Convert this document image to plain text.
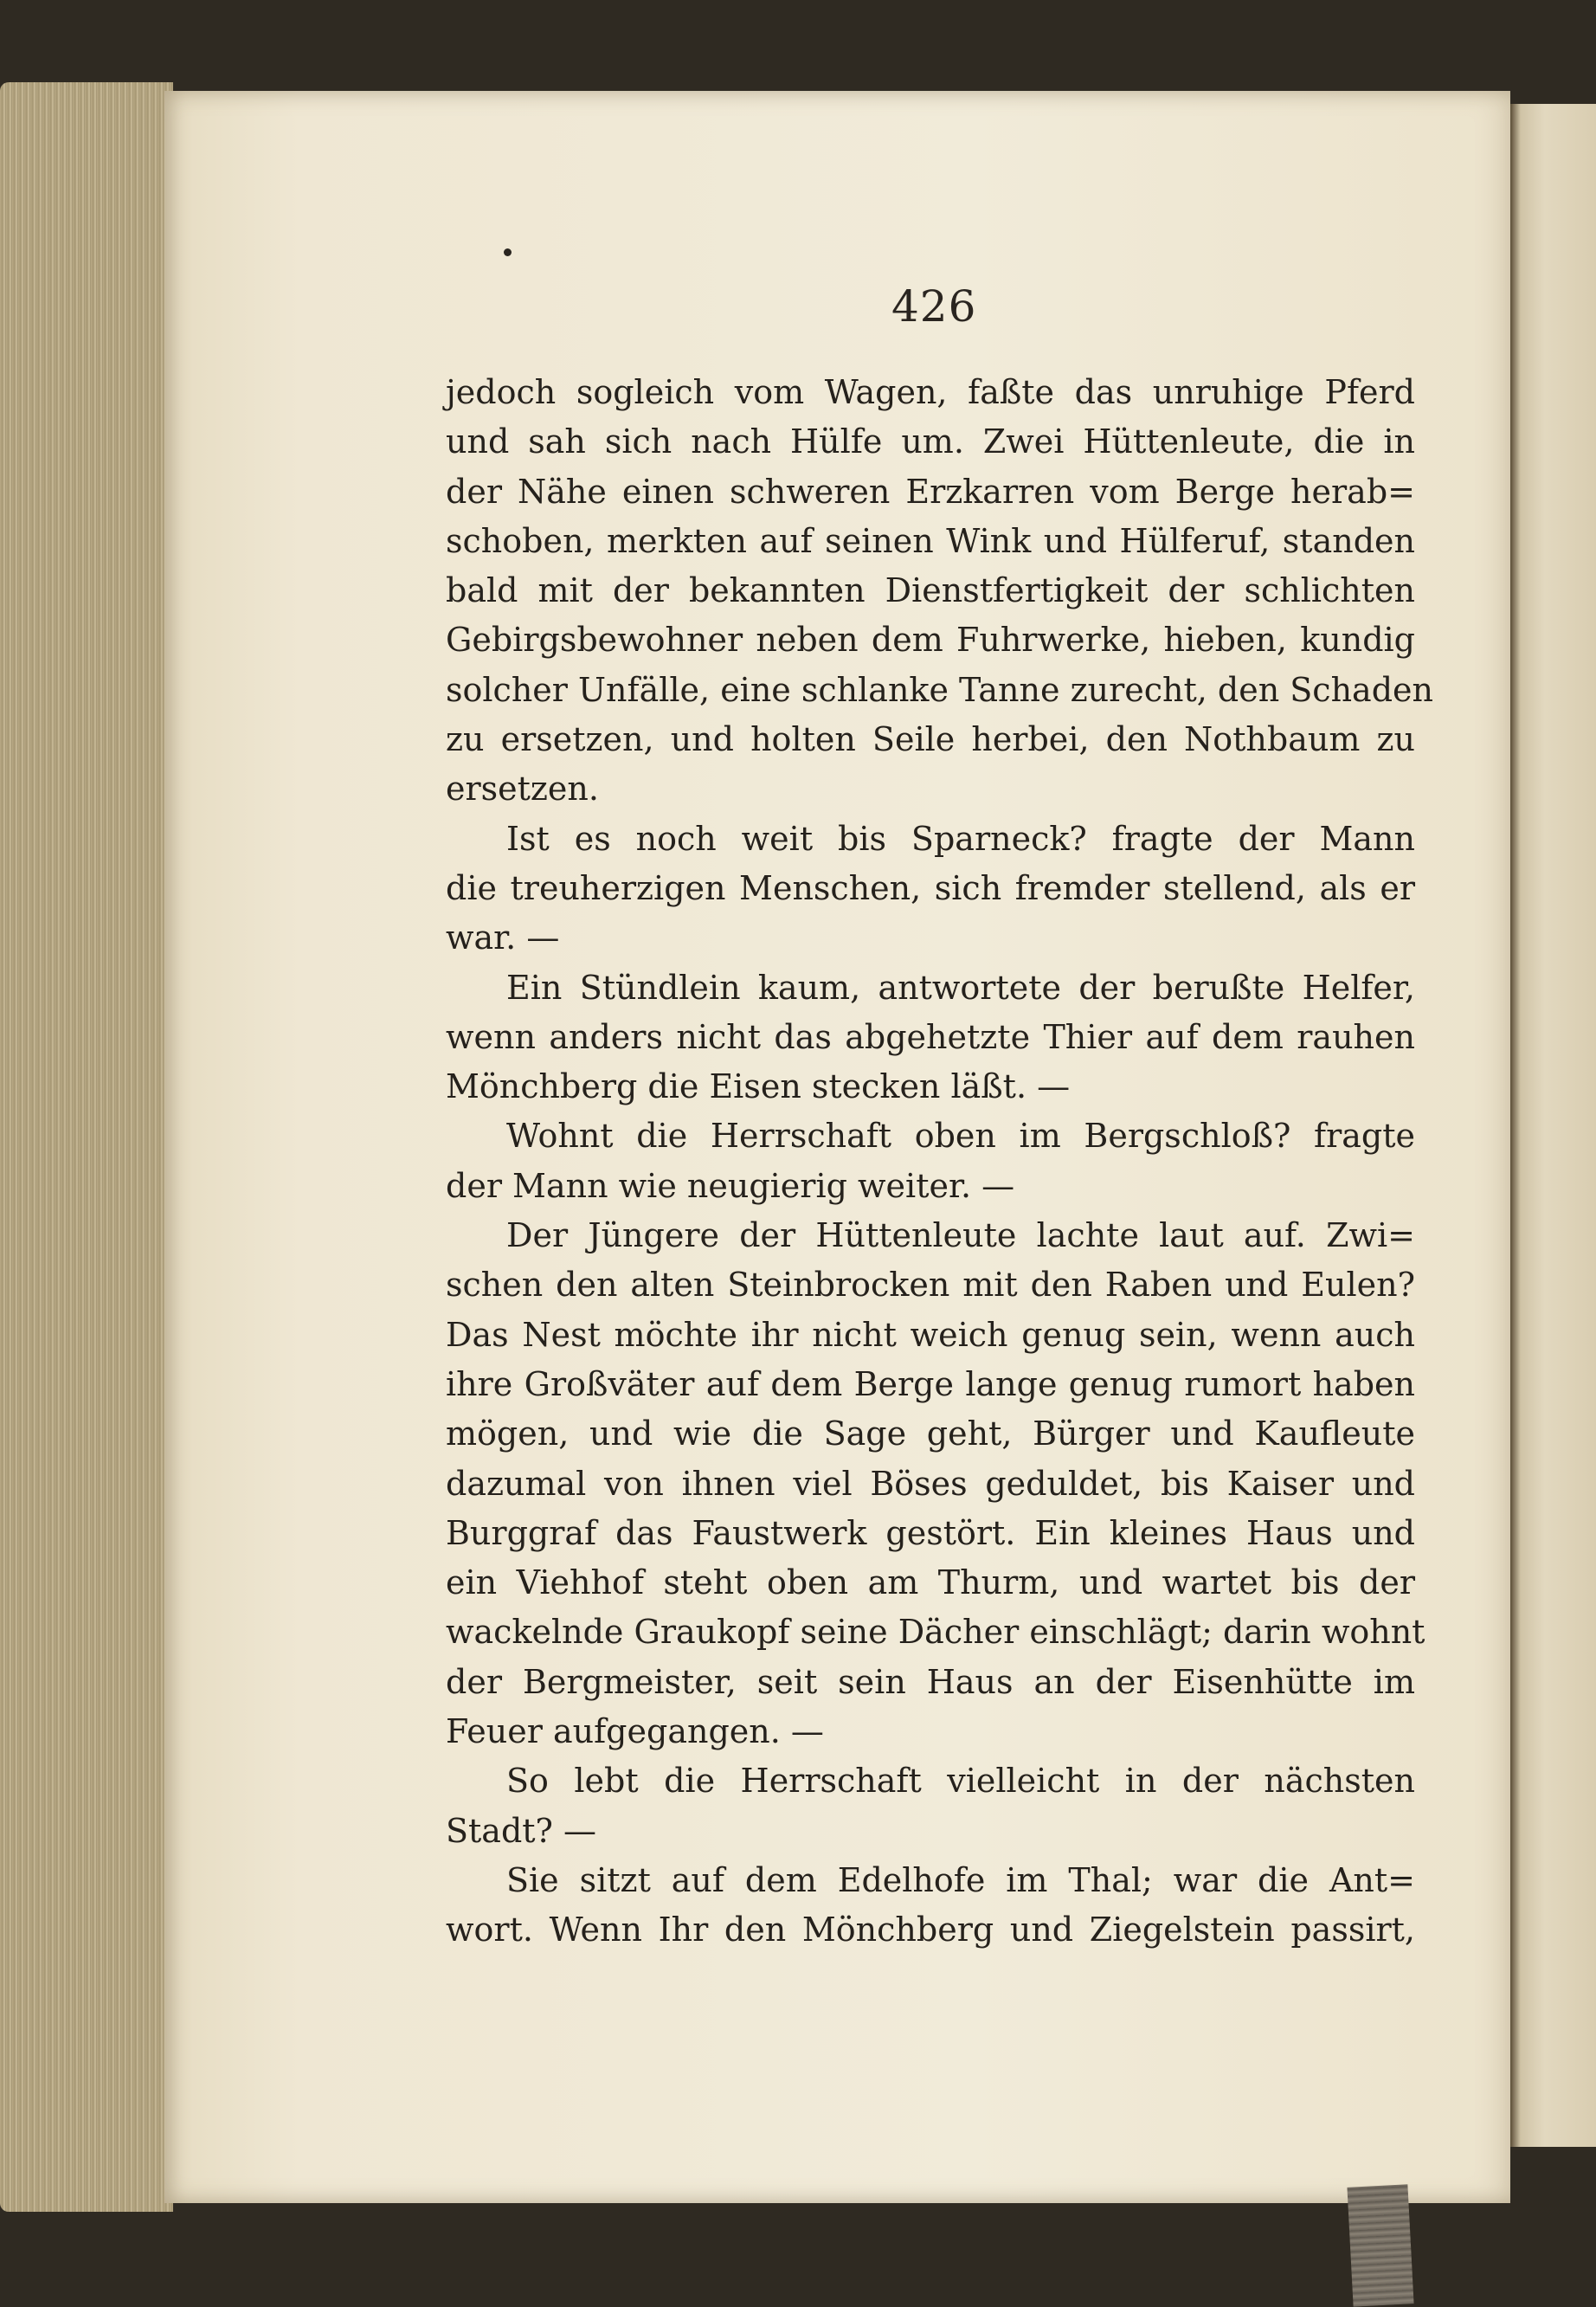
426
jedoch sogleich vom Wagen, faßte das unruhige Pferd
und sah sich nach Hülfe um. Zwei Hüttenleute, die in
der Nähe einen schweren Erzkarren vom Berge herab=
schoben, merkten auf seinen Wink und Hülferuf, standen
bald mit der bekannten Dienstfertigkeit der schlichten
Gebirgsbewohner neben dem Fuhrwerke, hieben, kundig
solcher Unfälle, eine schlanke Tanne zurecht, den Schaden
zu ersetzen, und holten Seile herbei, den Nothbaum zu
ersetzen.
Ist es noch weit bis Sparneck? fragte der Mann
die treuherzigen Menschen, sich fremder stellend, als er
war. —
Ein Stündlein kaum, antwortete der berußte Helfer,
wenn anders nicht das abgehetzte Thier auf dem rauhen
Mönchberg die Eisen stecken läßt. —
Wohnt die Herrschaft oben im Bergschloß? fragte
der Mann wie neugierig weiter. —
Der Jüngere der Hüttenleute lachte laut auf. Zwi=
schen den alten Steinbrocken mit den Raben und Eulen?
Das Nest möchte ihr nicht weich genug sein, wenn auch
ihre Großväter auf dem Berge lange genug rumort haben
mögen, und wie die Sage geht, Bürger und Kaufleute
dazumal von ihnen viel Böses geduldet, bis Kaiser und
Burggraf das Faustwerk gestört. Ein kleines Haus und
ein Viehhof steht oben am Thurm, und wartet bis der
wackelnde Graukopf seine Dächer einschlägt; darin wohnt
der Bergmeister, seit sein Haus an der Eisenhütte im
Feuer aufgegangen. —
So lebt die Herrschaft vielleicht in der nächsten
Stadt? —
Sie sitzt auf dem Edelhofe im Thal; war die Ant=
wort. Wenn Ihr den Mönchberg und Ziegelstein passirt,
